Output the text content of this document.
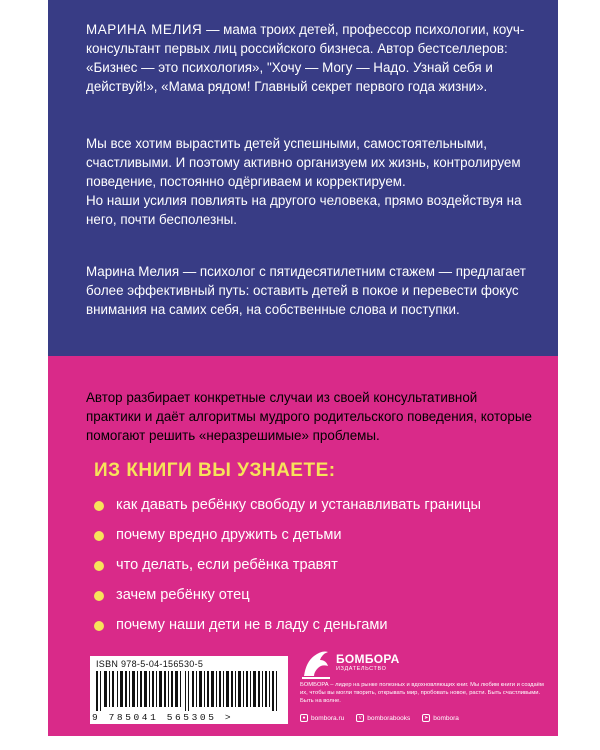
МАРИНА МЕЛИЯ — мама троих детей, профессор психологии, коуч-консультант первых лиц российского бизнеса. Автор бестселлеров: «Бизнес — это психология», "Хочу — Могу — Надо. Узнай себя и действуй!», «Мама рядом! Главный секрет первого года жизни».

Мы все хотим вырастить детей успешными, самостоятельными, счастливыми. И поэтому активно организуем их жизнь, контролируем поведение, постоянно одёргиваем и корректируем.
Но наши усилия повлиять на другого человека, прямо воздействуя на него, почти бесполезны.

Марина Мелия — психолог с пятидесятилетним стажем — предлагает более эффективный путь: оставить детей в покое и перевести фокус внимания на самих себя, на собственные слова и поступки.

Автор разбирает конкретные случаи из своей консультативной практики и даёт алгоритмы мудрого родительского поведения, которые помогают решить «неразрешимые» проблемы.

ИЗ КНИГИ ВЫ УЗНАЕТЕ:
как давать ребёнку свободу и устанавливать границы
почему вредно дружить с детьми
что делать, если ребёнка травят
зачем ребёнку отец
почему наши дети не в ладу с деньгами
ISBN 978-5-04-156530-5
9 785041 565305 >
БОМБОРА
ИЗДАТЕЛЬСТВО

БОМБОРА – лидер на рынке полезных и вдохновляющих книг. Мы любим книги и создаём их, чтобы вы могли творить, открывать мир, пробовать новое, расти. Быть счастливыми. Быть на волне.

● bombora.ru	v bomborabooks	➤ bombora
